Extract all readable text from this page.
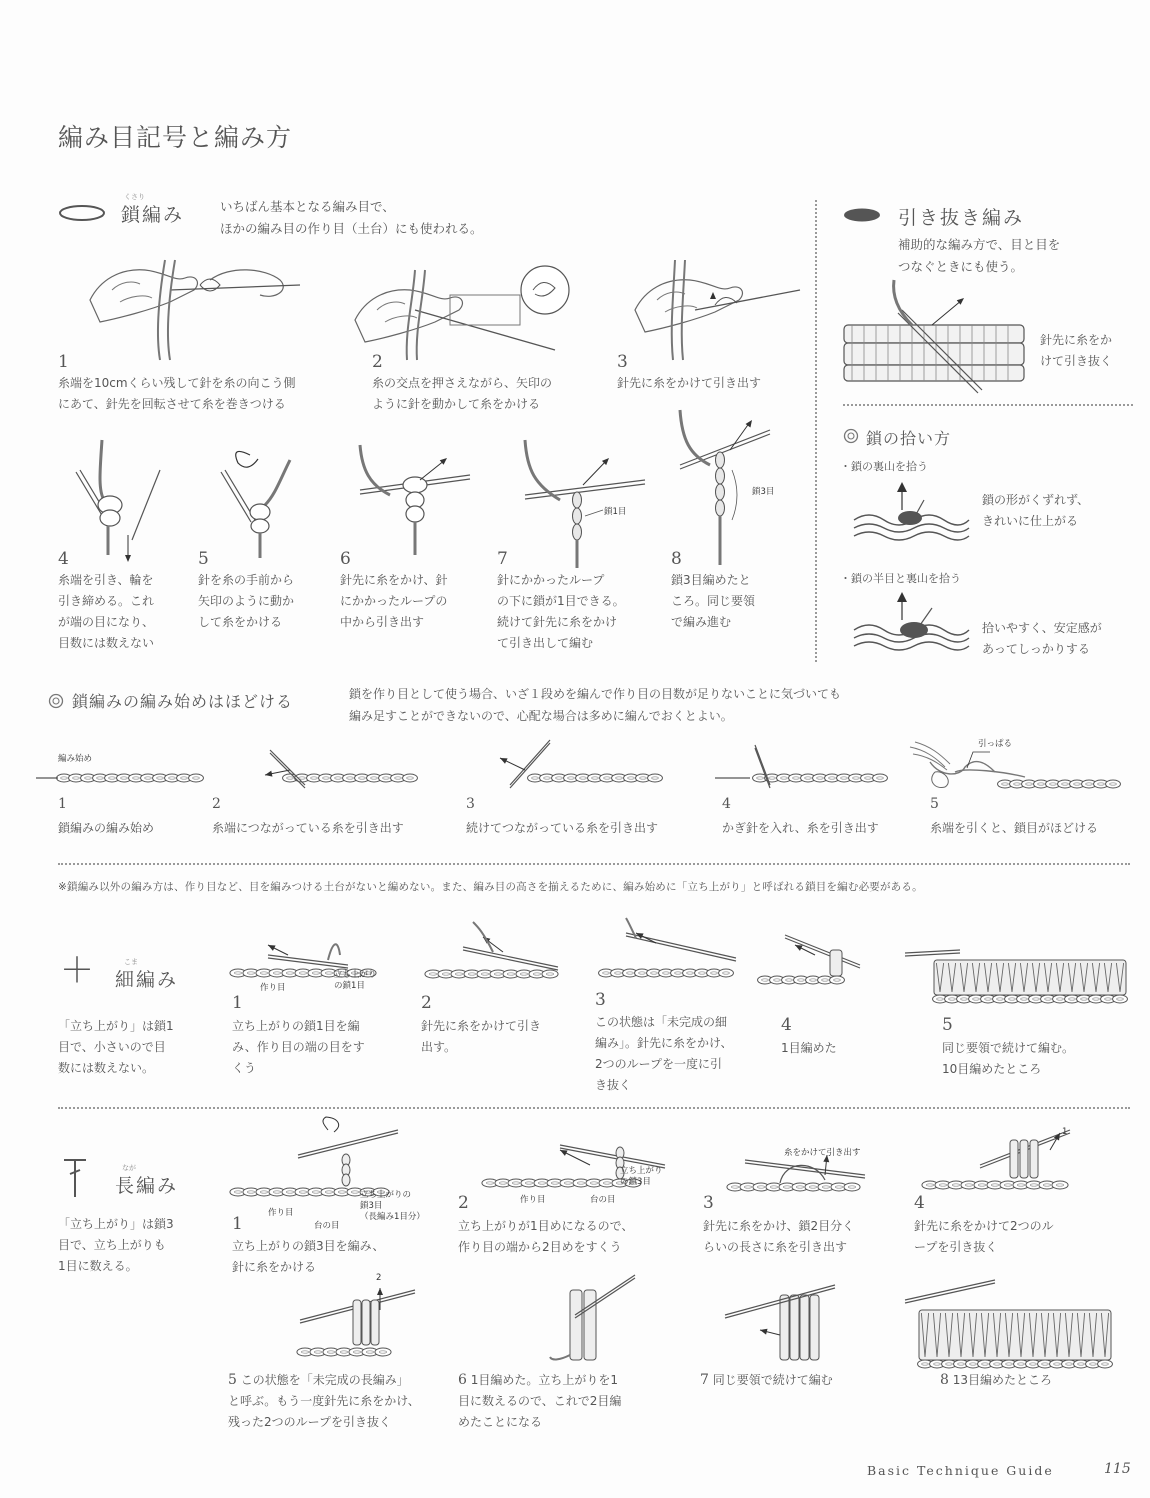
編み目記号と編み方
くさり
鎖編み	いちばん基本となる編み目で、
ほかの編み目の作り目（土台）にも使われる。
1
糸端を10cmくらい残して針を糸の向こう側
にあて、針先を回転させて糸を巻きつける
2
糸の交点を押さえながら、矢印の
ように針を動かして糸をかける
3
針先に糸をかけて引き出す
鎖1目
鎖3目
4
糸端を引き、輪を
引き締める。これ
が端の目になり、
目数には数えない
5
針を糸の手前から
矢印のように動か
して糸をかける
6
針先に糸をかけ、針
にかかったループの
中から引き出す
7
針にかかったループ
の下に鎖が1目できる。
続けて針先に糸をかけ
て引き出して編む
8
鎖3目編めたと
ころ。同じ要領
で編み進む
引き抜き編み
補助的な編み方で、目と目を
つなぐときにも使う。
針先に糸をか
けて引き抜く
鎖の拾い方
・鎖の裏山を拾う
鎖の形がくずれず、
きれいに仕上がる
・鎖の半目と裏山を拾う
拾いやすく、安定感が
あってしっかりする
鎖編みの編み始めはほどける	鎖を作り目として使う場合、いざ１段めを編んで作り目の目数が足りないことに気づいても
編み足すことができないので、心配な場合は多めに編んでおくとよい。
編み始め
引っぱる
1
鎖編みの編み始め
2
糸端につながっている糸を引き出す
3
続けてつながっている糸を引き出す
4
かぎ針を入れ、糸を引き出す
5
糸端を引くと、鎖目がほどける
※鎖編み以外の編み方は、作り目など、目を編みつける土台がないと編めない。また、編み目の高さを揃えるために、編み始めに「立ち上がり」と呼ばれる鎖目を編む必要がある。
＋	こま
細編み
「立ち上がり」は鎖1
目で、小さいので目
数には数えない。
作り目
立ち上がり
の鎖1目
1
立ち上がりの鎖1目を編
み、作り目の端の目をす
くう
2
針先に糸をかけて引き
出す。
3
この状態は「未完成の細
編み」。針先に糸をかけ、
2つのループを一度に引
き抜く
4
1目編めた
5
同じ要領で続けて編む。
10目編めたところ
なが
長編み
「立ち上がり」は鎖3
目で、立ち上がりも
1目に数える。
作り目
台の目
立ち上がりの
鎖3目
（長編み1目分）
作り目	台の目
立ち上がり
の鎖3目
糸をかけて引き出す
1
1
立ち上がりの鎖3目を編み、
針に糸をかける
2
立ち上がりが1目めになるので、
作り目の端から2目めをすくう
3
針先に糸をかけ、鎖2目分く
らいの長さに糸を引き出す
4
針先に糸をかけて2つのル
ープを引き抜く
2
5 この状態を「未完成の長編み」
と呼ぶ。もう一度針先に糸をかけ、
残った2つのループを引き抜く
6 1目編めた。立ち上がりを1
目に数えるので、これで2目編
めたことになる
7 同じ要領で続けて編む	8 13目編めたところ
Basic Technique Guide	115
